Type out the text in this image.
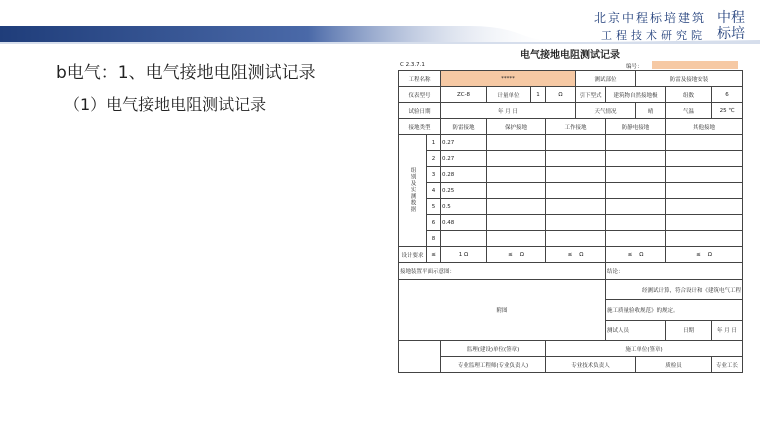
北京中程标培建筑
工程技术研究院
中程
标培
b电气：1、电气接地电阻测试记录
（1）电气接地电阻测试记录
电气接地电阻测试记录
C 2.3.7.1	编号：
工程名称		*****				测试部位		防雷及接地安装		
仪表型号		ZC-8	计量单位	1	Ω	引下型式	建筑物自然接地极		组数	6
试验日期		年 月 日				天气情况		晴	气温	25 ℃
接地类型		防雷接地	保护接地		工作接地		防静电接地		其他接地	
组别及实测数据	1	0.27								
	2	0.27								
	3	0.28								
	4	0.25								
	5	0.5								
	6	0.48								
	8									
设计要求	≤	1 Ω	≤ Ω		≤ Ω		≤ Ω		≤ Ω	
接地装置平面示意图：							结论：			
附图							经测试计算，符合设计和《建筑电气工程			
							施工质量验收规范》的规定。			
							测试人员		日期	年 月 日
		监理(建设)单位(签章)			施工单位(签章)					
		专业监理工程师(专业负责人)			专业技术负责人			质检员		专业工长
